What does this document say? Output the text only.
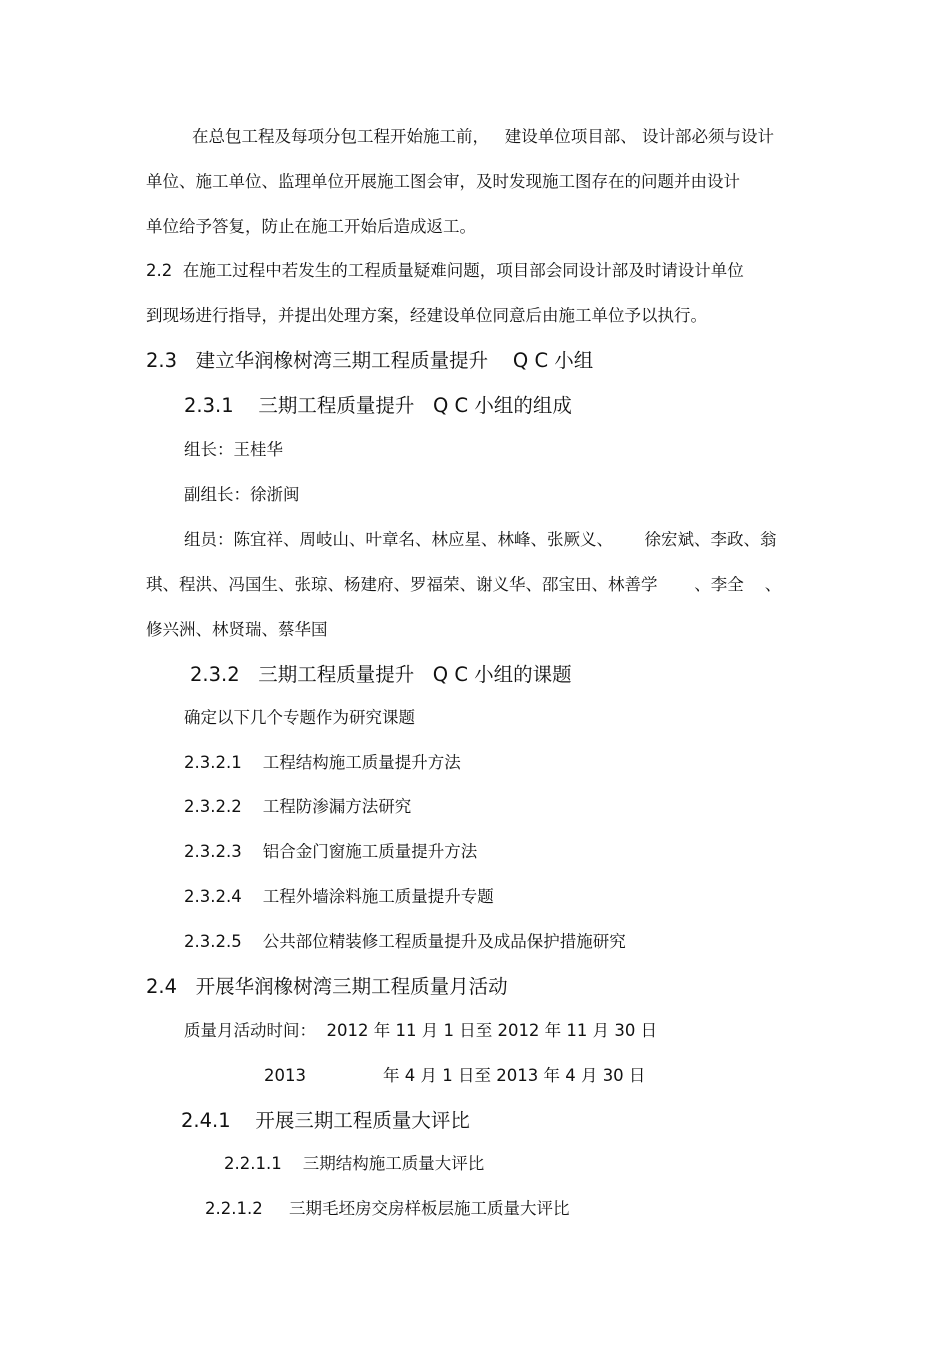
在总包工程及每项分包工程开始施工前，   建设单位项目部、 设计部必须与设计
单位、施工单位、监理单位开展施工图会审，及时发现施工图存在的问题并由设计
单位给予答复，防止在施工开始后造成返工。
2.2  在施工过程中若发生的工程质量疑难问题，项目部会同设计部及时请设计单位
到现场进行指导，并提出处理方案，经建设单位同意后由施工单位予以执行。
2.3   建立华润橡树湾三期工程质量提升    Q C 小组
2.3.1    三期工程质量提升   Q C 小组的组成
组长：王桂华
副组长：徐浙闽
组员：陈宜祥、周岐山、叶章名、林应星、林峰、张厥义、      徐宏斌、李政、翁
琪、程洪、冯国生、张琼、杨建府、罗福荣、谢义华、邵宝田、林善学       、李全    、
修兴洲、林贤瑞、蔡华国
2.3.2   三期工程质量提升   Q C 小组的课题
确定以下几个专题作为研究课题
2.3.2.1    工程结构施工质量提升方法
2.3.2.2    工程防渗漏方法研究
2.3.2.3    铝合金门窗施工质量提升方法
2.3.2.4    工程外墙涂料施工质量提升专题
2.3.2.5    公共部位精装修工程质量提升及成品保护措施研究
2.4   开展华润橡树湾三期工程质量月活动
质量月活动时间：  2012 年 11 月 1 日至 2012 年 11 月 30 日
2013	年 4 月 1 日至 2013 年 4 月 30 日
2.4.1    开展三期工程质量大评比
2.2.1.1    三期结构施工质量大评比
2.2.1.2     三期毛坯房交房样板层施工质量大评比
